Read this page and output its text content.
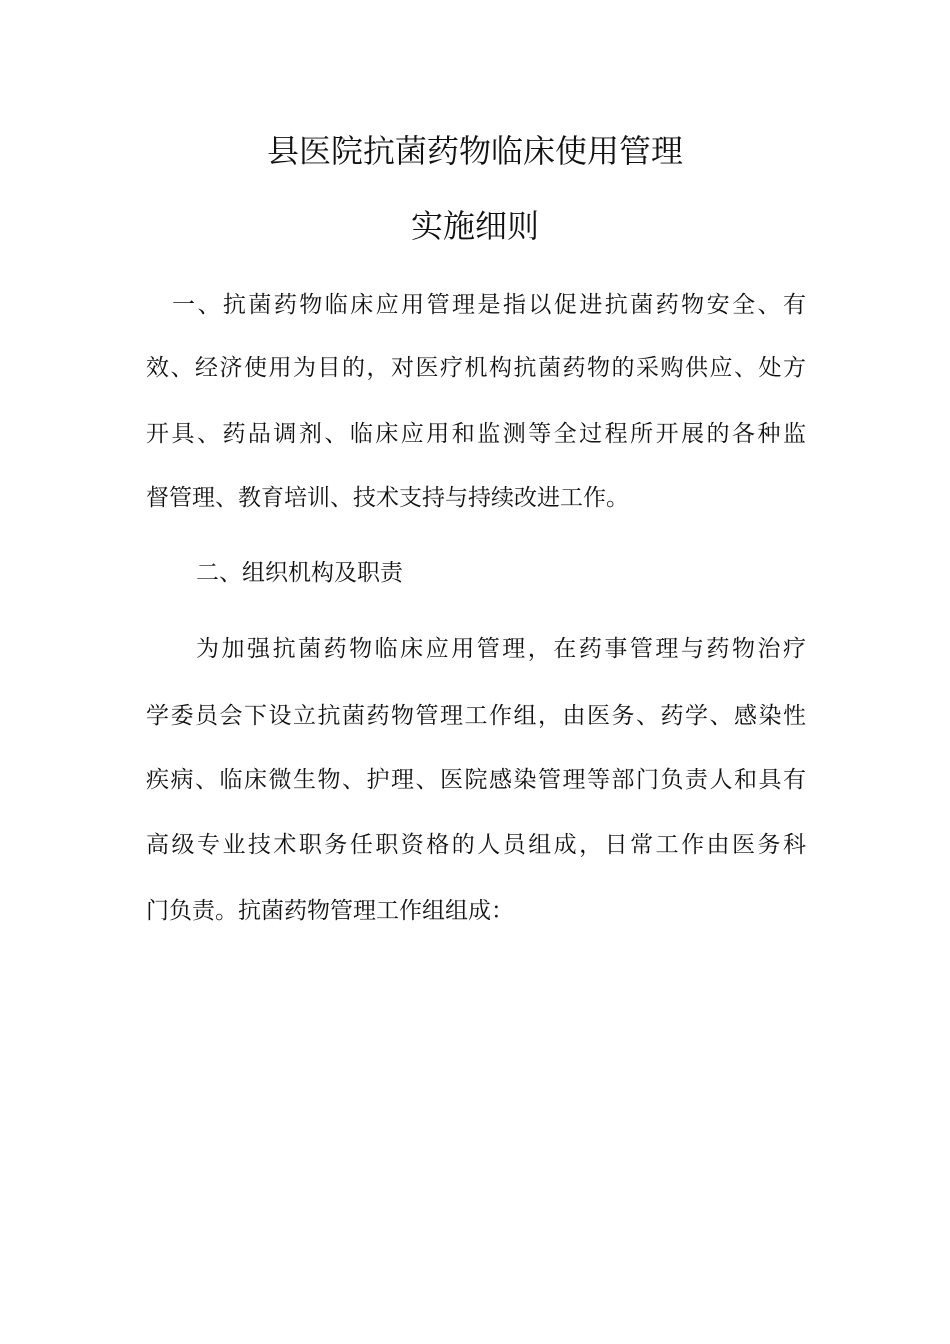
县医院抗菌药物临床使用管理
实施细则
一、抗菌药物临床应用管理是指以促进抗菌药物安全、有
效、经济使用为目的，对医疗机构抗菌药物的采购供应、处方
开具、药品调剂、临床应用和监测等全过程所开展的各种监
督管理、教育培训、技术支持与持续改进工作。
二、组织机构及职责
为加强抗菌药物临床应用管理，在药事管理与药物治疗
学委员会下设立抗菌药物管理工作组，由医务、药学、感染性
疾病、临床微生物、护理、医院感染管理等部门负责人和具有
高级专业技术职务任职资格的人员组成，日常工作由医务科
门负责。抗菌药物管理工作组组成：
